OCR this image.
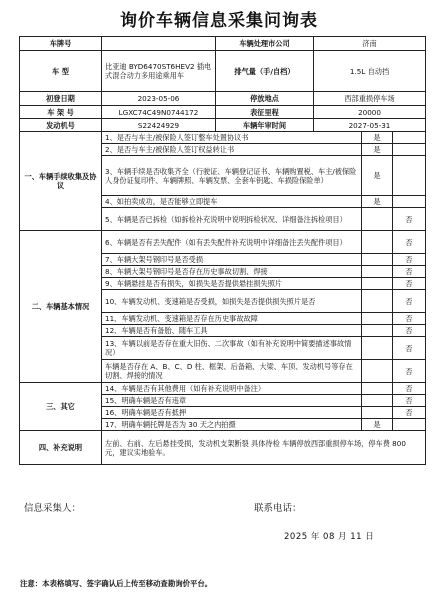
询价车辆信息采集问询表
车牌号		车辆处理市公司	济南		
车 型	比亚迪 BYD6470ST6HEV2 插电式混合动力多用途乘用车	排气量（手/自档）	1.5L 自动挡		
初登日期	2023-05-06	停放地点	西部重损停车场		
车 架 号	LGXC74C49N0744172	表征里程	20000		
发动机号	S22424929	车辆年审时间	2027-05-31		
一、车辆手续收集及协议	1、是否与车主/被保险人签订整车处置协议书			是	
	2、是否与车主/被保险人签订权益转让书			是	
	3、车辆手续是否收集齐全（行驶证、车辆登记证书、车辆购置税、车主/被保险人身份证复印件、车辆牌照、车辆发票、全套车钥匙、车损险保险单）			是	
	4、如拍卖成功，是否能够立即提车			是	
	5、车辆是否已拆检（如拆检补充说明中说明拆检状况、详细备注拆检项目）				否
二、车辆基本情况	6、车辆是否有丢失配件（如有丢失配件补充说明中详细备注丢失配件项目）				否
	7、车辆大架号钢印号是否受损				否
	8、车辆大架号钢印号是否存在历史事故切割、焊接				否
	9、车辆悬挂是否有损失，如损失是否提供悬挂损失照片				否
	10、车辆发动机、变速箱是否受损，如损失是否提供损失照片是否				否
	11、车辆发动机、变速箱是否存在历史事故故障				否
	12、车辆是否有备胎、随车工具				否
	13、车辆以前是否存在重大旧伤、二次事故（如有补充说明中简要描述事故情况）				否
	车辆是否存在 A、B、C、D 柱、框架、后备箱、大梁、车顶、发动机号等存在切割、焊接的情况				否
三、其它	14、车辆是否有其他费用（如有补充说明中备注）				否
	15、明确车辆是否有违章				否
	16、明确车辆是否有抵押				否
	17、明确车辆托牌是否为 30 天之内拍摄			是	
四、补充说明	左前、右前、左后悬挂受损，发动机支架断裂 具体待检 车辆停放西部重损停车场，停车费 800 元，建议实地验车。				
信息采集人：	联系电话：
2025 年 08 月 11 日
注意：本表格填写、签字确认后上传至移动查勘询价平台。
